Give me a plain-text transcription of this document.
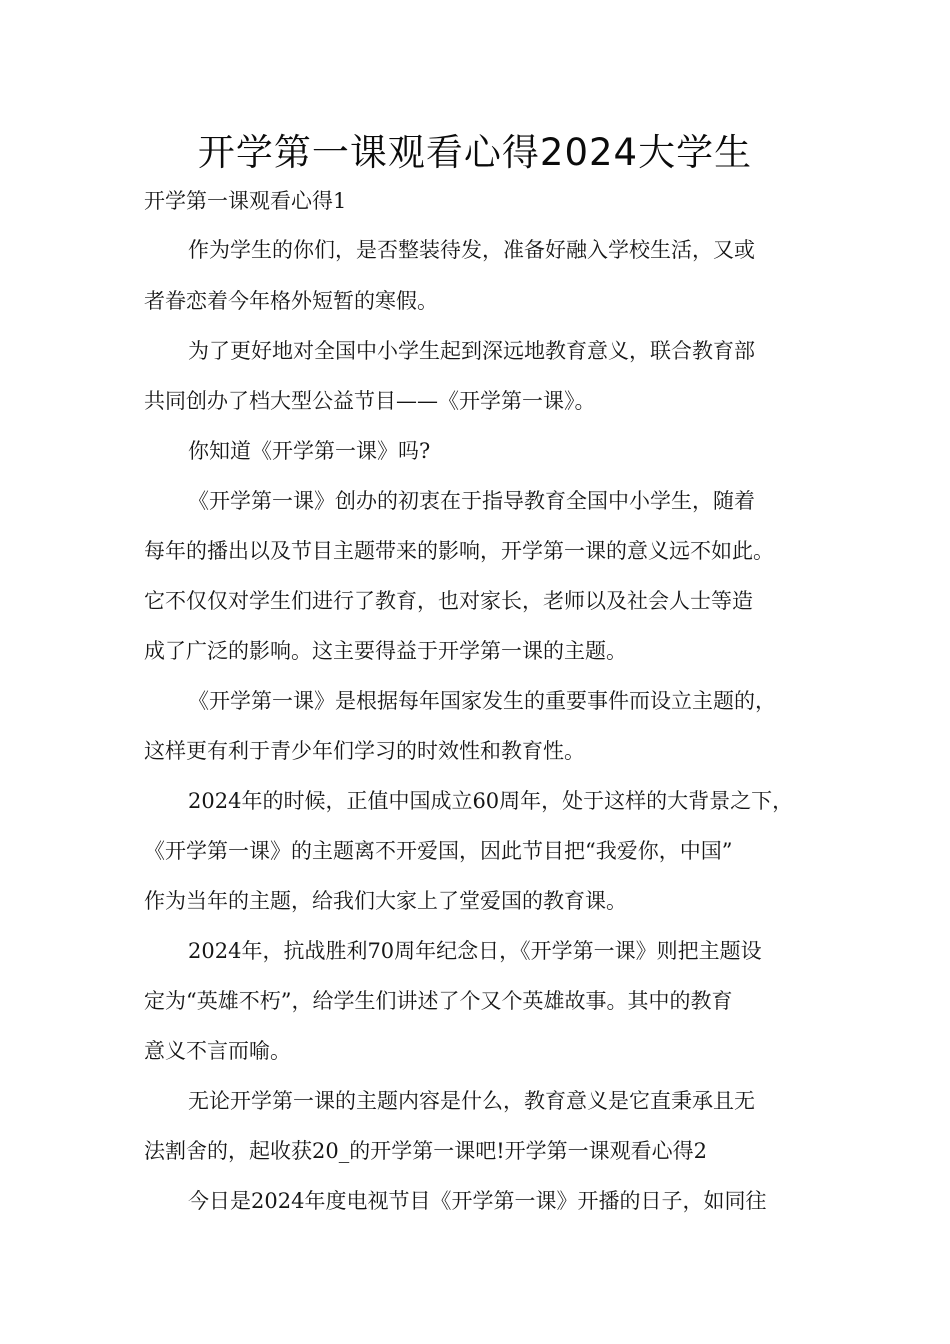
开学第一课观看心得2024大学生

开学第一课观看心得1

作为学生的你们，是否整装待发，准备好融入学校生活，又或

者眷恋着今年格外短暂的寒假。

为了更好地对全国中小学生起到深远地教育意义，联合教育部

共同创办了档大型公益节目——《开学第一课》。

你知道《开学第一课》吗?

《开学第一课》创办的初衷在于指导教育全国中小学生，随着

每年的播出以及节目主题带来的影响，开学第一课的意义远不如此。

它不仅仅对学生们进行了教育，也对家长，老师以及社会人士等造

成了广泛的影响。这主要得益于开学第一课的主题。

《开学第一课》是根据每年国家发生的重要事件而设立主题的，

这样更有利于青少年们学习的时效性和教育性。

2024年的时候，正值中国成立60周年，处于这样的大背景之下，

《开学第一课》的主题离不开爱国，因此节目把“我爱你，中国”

作为当年的主题，给我们大家上了堂爱国的教育课。

2024年，抗战胜利70周年纪念日，《开学第一课》则把主题设

定为“英雄不朽”，给学生们讲述了个又个英雄故事。其中的教育

意义不言而喻。

无论开学第一课的主题内容是什么，教育意义是它直秉承且无

法割舍的，起收获20_的开学第一课吧!开学第一课观看心得2

今日是2024年度电视节目《开学第一课》开播的日子，如同往
